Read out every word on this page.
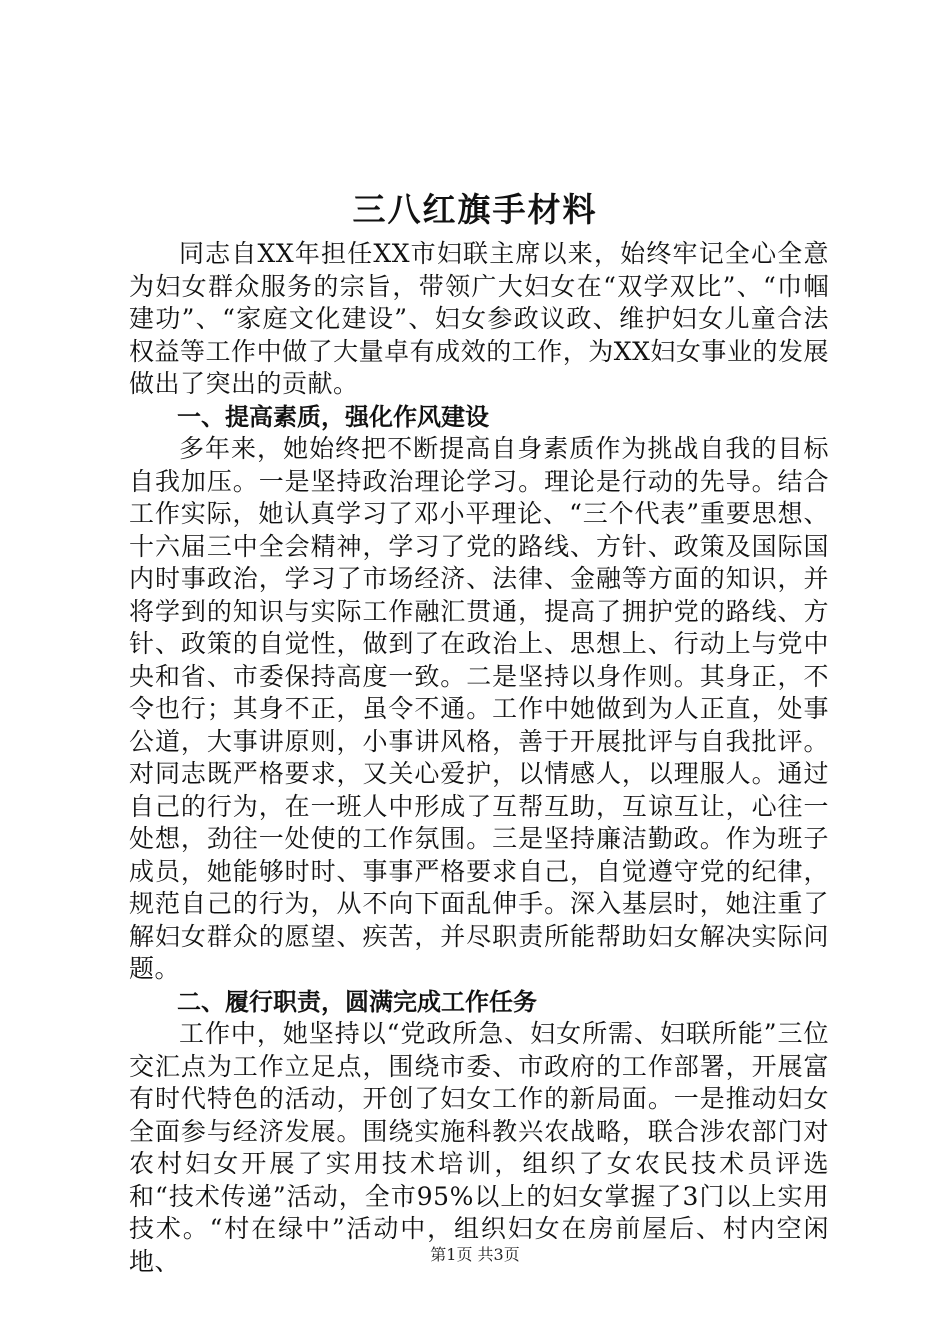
三八红旗手材料

同志自XX年担任XX市妇联主席以来，始终牢记全心全意为妇女群众服务的宗旨，带领广大妇女在“双学双比”、“巾帼建功”、“家庭文化建设”、妇女参政议政、维护妇女儿童合法权益等工作中做了大量卓有成效的工作，为XX妇女事业的发展做出了突出的贡献。

一、提高素质，强化作风建设

多年来，她始终把不断提高自身素质作为挑战自我的目标自我加压。一是坚持政治理论学习。理论是行动的先导。结合工作实际，她认真学习了邓小平理论、“三个代表”重要思想、十六届三中全会精神，学习了党的路线、方针、政策及国际国内时事政治，学习了市场经济、法律、金融等方面的知识，并将学到的知识与实际工作融汇贯通，提高了拥护党的路线、方针、政策的自觉性，做到了在政治上、思想上、行动上与党中央和省、市委保持高度一致。二是坚持以身作则。其身正，不令也行；其身不正，虽令不通。工作中她做到为人正直，处事公道，大事讲原则，小事讲风格，善于开展批评与自我批评。对同志既严格要求，又关心爱护，以情感人，以理服人。通过自己的行为，在一班人中形成了互帮互助，互谅互让，心往一处想，劲往一处使的工作氛围。三是坚持廉洁勤政。作为班子成员，她能够时时、事事严格要求自己，自觉遵守党的纪律，规范自己的行为，从不向下面乱伸手。深入基层时，她注重了解妇女群众的愿望、疾苦，并尽职责所能帮助妇女解决实际问题。

二、履行职责，圆满完成工作任务

工作中，她坚持以“党政所急、妇女所需、妇联所能”三位交汇点为工作立足点，围绕市委、市政府的工作部署，开展富有时代特色的活动，开创了妇女工作的新局面。一是推动妇女全面参与经济发展。围绕实施科教兴农战略，联合涉农部门对农村妇女开展了实用技术培训，组织了女农民技术员评选和“技术传递”活动，全市95%以上的妇女掌握了3门以上实用技术。“村在绿中”活动中，组织妇女在房前屋后、村内空闲地、	第1页 共3页
